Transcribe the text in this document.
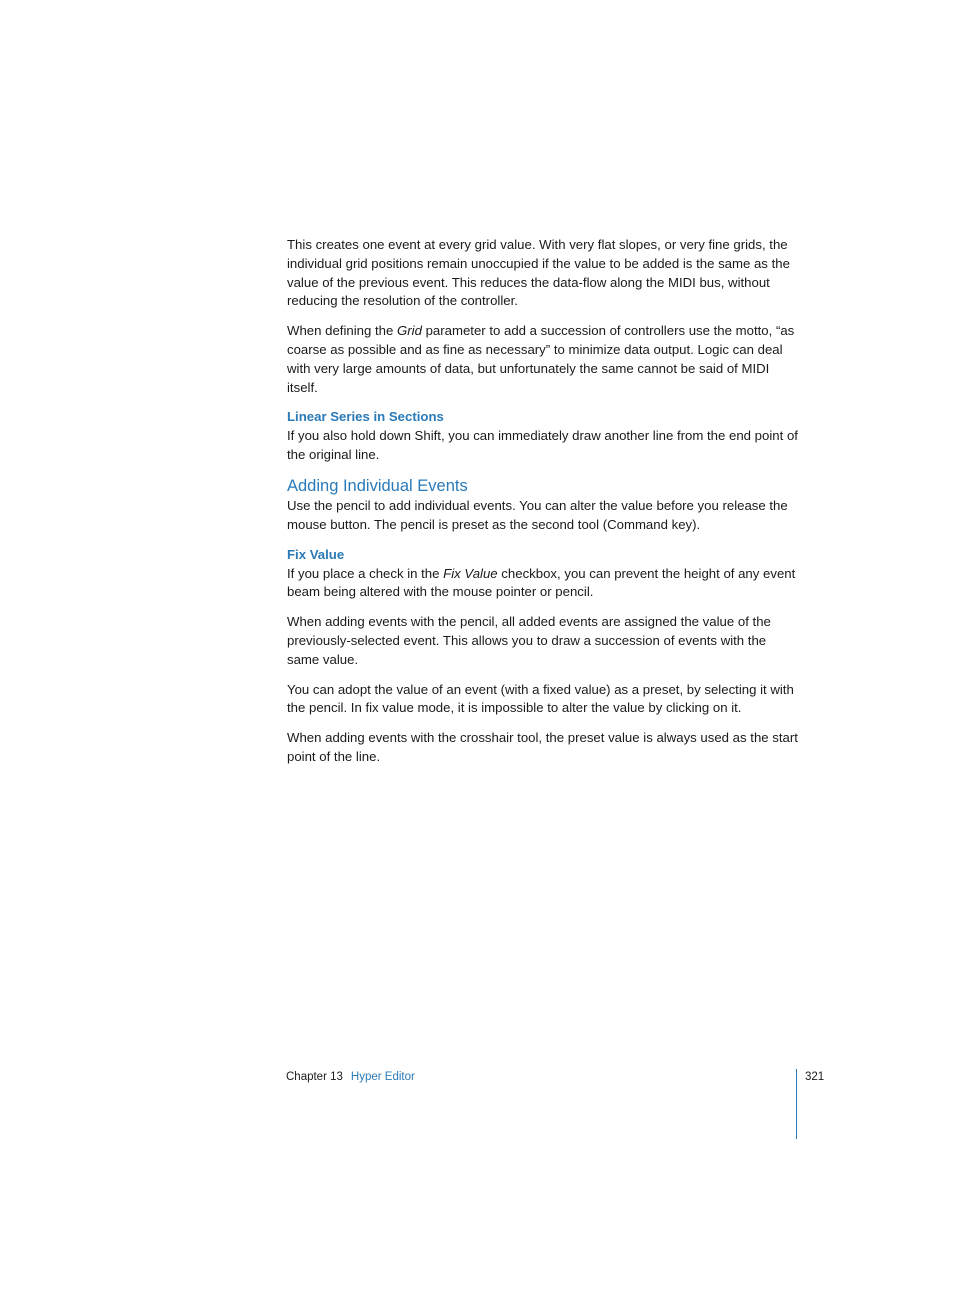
This creates one event at every grid value. With very flat slopes, or very fine grids, the individual grid positions remain unoccupied if the value to be added is the same as the value of the previous event. This reduces the data-flow along the MIDI bus, without reducing the resolution of the controller.

When defining the Grid parameter to add a succession of controllers use the motto, “as coarse as possible and as fine as necessary” to minimize data output. Logic can deal with very large amounts of data, but unfortunately the same cannot be said of MIDI itself.

Linear Series in Sections

If you also hold down Shift, you can immediately draw another line from the end point of the original line.

Adding Individual Events

Use the pencil to add individual events. You can alter the value before you release the mouse button. The pencil is preset as the second tool (Command key).

Fix Value

If you place a check in the Fix Value checkbox, you can prevent the height of any event beam being altered with the mouse pointer or pencil.

When adding events with the pencil, all added events are assigned the value of the previously-selected event. This allows you to draw a succession of events with the same value.

You can adopt the value of an event (with a fixed value) as a preset, by selecting it with the pencil. In fix value mode, it is impossible to alter the value by clicking on it.

When adding events with the crosshair tool, the preset value is always used as the start point of the line.

Chapter 13 Hyper Editor	321
